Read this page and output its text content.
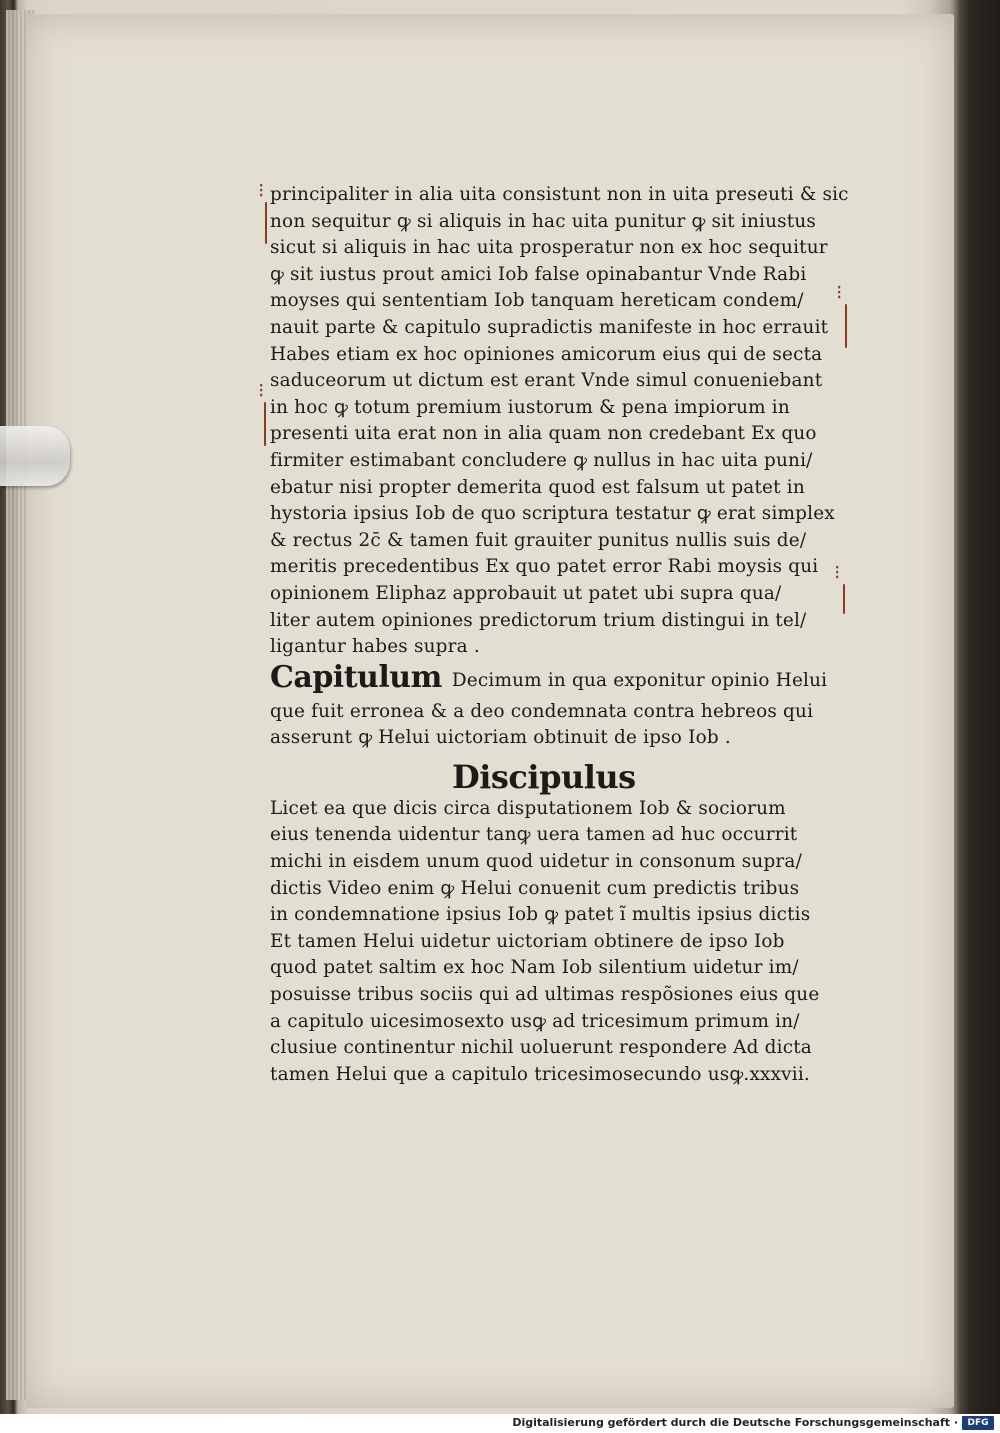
⁝
⁝
⁝
⁝
principaliter in alia uita consistunt non in uita preseuti & sic
non sequitur ꝙ si aliquis in hac uita punitur ꝙ sit iniustus
sicut si aliquis in hac uita prosperatur non ex hoc sequitur
ꝙ sit iustus prout amici Iob false opinabantur Vnde Rabi
moyses qui sententiam Iob tanquam hereticam condem/
nauit parte & capitulo supradictis manifeste in hoc errauit
Habes etiam ex hoc opiniones amicorum eius qui de secta
saduceorum ut dictum est erant Vnde simul conueniebant
in hoc ꝙ totum premium iustorum & pena impiorum in
presenti uita erat non in alia quam non credebant Ex quo
firmiter estimabant concludere ꝙ nullus in hac uita puni/
ebatur nisi propter demerita quod est falsum ut patet in
hystoria ipsius Iob de quo scriptura testatur ꝙ erat simplex
& rectus 2c̄ & tamen fuit grauiter punitus nullis suis de/
meritis precedentibus Ex quo patet error Rabi moysis qui
opinionem Eliphaz approbauit ut patet ubi supra qua/
liter autem opiniones predictorum trium distingui in tel/
ligantur habes supra .
Capitulum Decimum in qua exponitur opinio Helui
que fuit erronea & a deo condemnata contra hebreos qui
asserunt ꝙ Helui uictoriam obtinuit de ipso Iob .
Discipulus
Licet ea que dicis circa disputationem Iob & sociorum
eius tenenda uidentur tanꝙ uera tamen ad huc occurrit
michi in eisdem unum quod uidetur in consonum supra/
dictis Video enim ꝙ Helui conuenit cum predictis tribus
in condemnatione ipsius Iob ꝙ patet ĩ multis ipsius dictis
Et tamen Helui uidetur uictoriam obtinere de ipso Iob
quod patet saltim ex hoc Nam Iob silentium uidetur im/
posuisse tribus sociis qui ad ultimas respõsiones eius que
a capitulo uicesimosexto usꝙ ad tricesimum primum in/
clusiue continentur nichil uoluerunt respondere Ad dicta
tamen Helui que a capitulo tricesimosecundo usꝙ.xxxvii.
Digitalisierung gefördert durch die Deutsche Forschungsgemeinschaft ·	DFG
